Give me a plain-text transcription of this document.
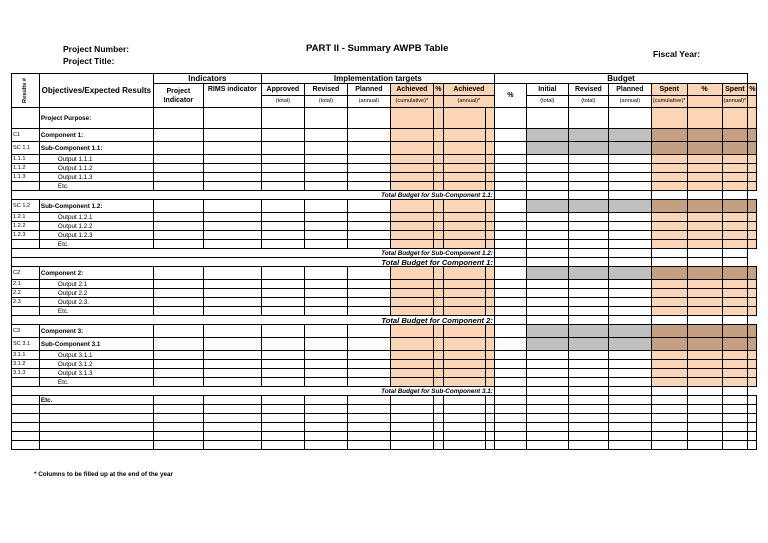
Project Number:
Project Title:
PART II - Summary AWPB Table	Fiscal Year:
Results #	Objectives/Expected Results	Indicators		Implementation targets							Budget							
		Project Indicator	RIMS indicator	Approved	Revised	Planned	Achieved	%	Achieved		%	Initial	Revised	Planned	Spent	%	Spent	%
				(total)	(total)	(annual)	(cumulative)*		(annual)*			(total)	(total)	(annual)	(cumulative)*		(annual)*	
	Project Purpose:																	
C1	Component 1:																	
SC 1.1	Sub-Component 1.1:																	
1.1.1	Output 1.1.1																	
1.1.2	Output 1.1.2																	
1.1.3	Output 1.1.3																	
	Etc.																	
Total Budget for Sub-Component 1.1:																		
SC 1.2	Sub-Component 1.2:																	
1.2.1	Output 1.2.1																	
1.2.2	Output 1.2.2																	
1.2.3	Output 1.2.3																	
	Etc.																	
Total Budget for Sub-Component 1.2:																		
Total Budget for Component 1:																		
C2	Component 2:																	
2.1	Output 2.1																	
2.2	Output 2.2																	
2.3	Output 2.3.																	
	Etc.																	
Total Budget for Component 2:																		
C3	Component 3:																	
SC 3.1	Sub-Component 3.1																	
3.1.1	Output 3.1.1																	
3.1.2	Output 3.1.2																	
3.1.3	Output 3.1.3																	
	Etc.																	
Total Budget for Sub-Component 3.1:																		
	Etc.																	

* Columns to be filled up at the end of the year
